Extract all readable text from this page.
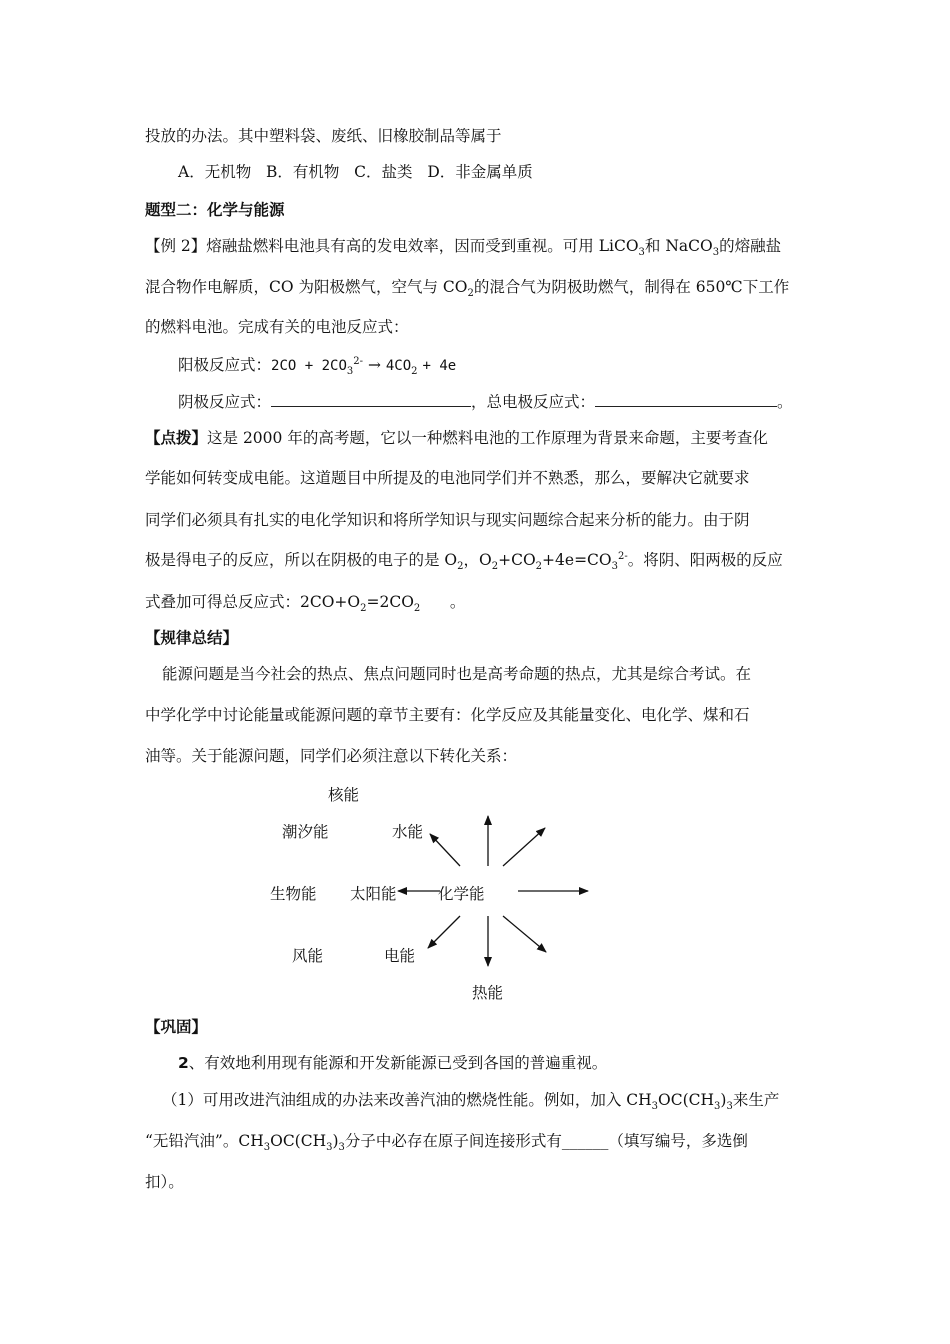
投放的办法。其中塑料袋、废纸、旧橡胶制品等属于
A．无机物 B．有机物 C．盐类 D．非金属单质
题型二：化学与能源
【例 2】熔融盐燃料电池具有高的发电效率，因而受到重视。可用 LiCO$_3$和 NaCO$_3$的熔融盐
混合物作电解质，CO 为阳极燃气，空气与 $CO_2$的混合气为阴极助燃气，制得在 650℃下工作
的燃料电池。完成有关的电池反应式：
阳极反应式：$2CO + 2CO_3^{2-} \to 4CO_2 + 4e$
阴极反应式：	，总电极反应式：	。
【点拨】这是 2000 年的高考题，它以一种燃料电池的工作原理为背景来命题，主要考查化
学能如何转变成电能。这道题目中所提及的电池同学们并不熟悉，那么，要解决它就要求
同学们必须具有扎实的电化学知识和将所学知识与现实问题综合起来分析的能力。由于阴
极是得电子的反应，所以在阴极的电子的是 $O_2$，$O_2+CO_2+4e=CO_3^{2-}$。将阴、阳两极的反应
式叠加可得总反应式：$2CO+O_2=2CO_2$ 。
【规律总结】
能源问题是当今社会的热点、焦点问题同时也是高考命题的热点，尤其是综合考试。在
中学化学中讨论能量或能源问题的章节主要有：化学反应及其能量变化、电化学、煤和石
油等。关于能源问题，同学们必须注意以下转化关系：
核能
潮汐能	水能
生物能 太阳能	化学能
风能	电能
热能
【巩固】
2、有效地利用现有能源和开发新能源已受到各国的普遍重视。
（1）可用改进汽油组成的办法来改善汽油的燃烧性能。例如，加入 $CH_3OC(CH_3)_3$来生产
“无铅汽油”。$CH_3OC(CH_3)_3$分子中必存在原子间连接形式有______（填写编号，多选倒
扣）。
